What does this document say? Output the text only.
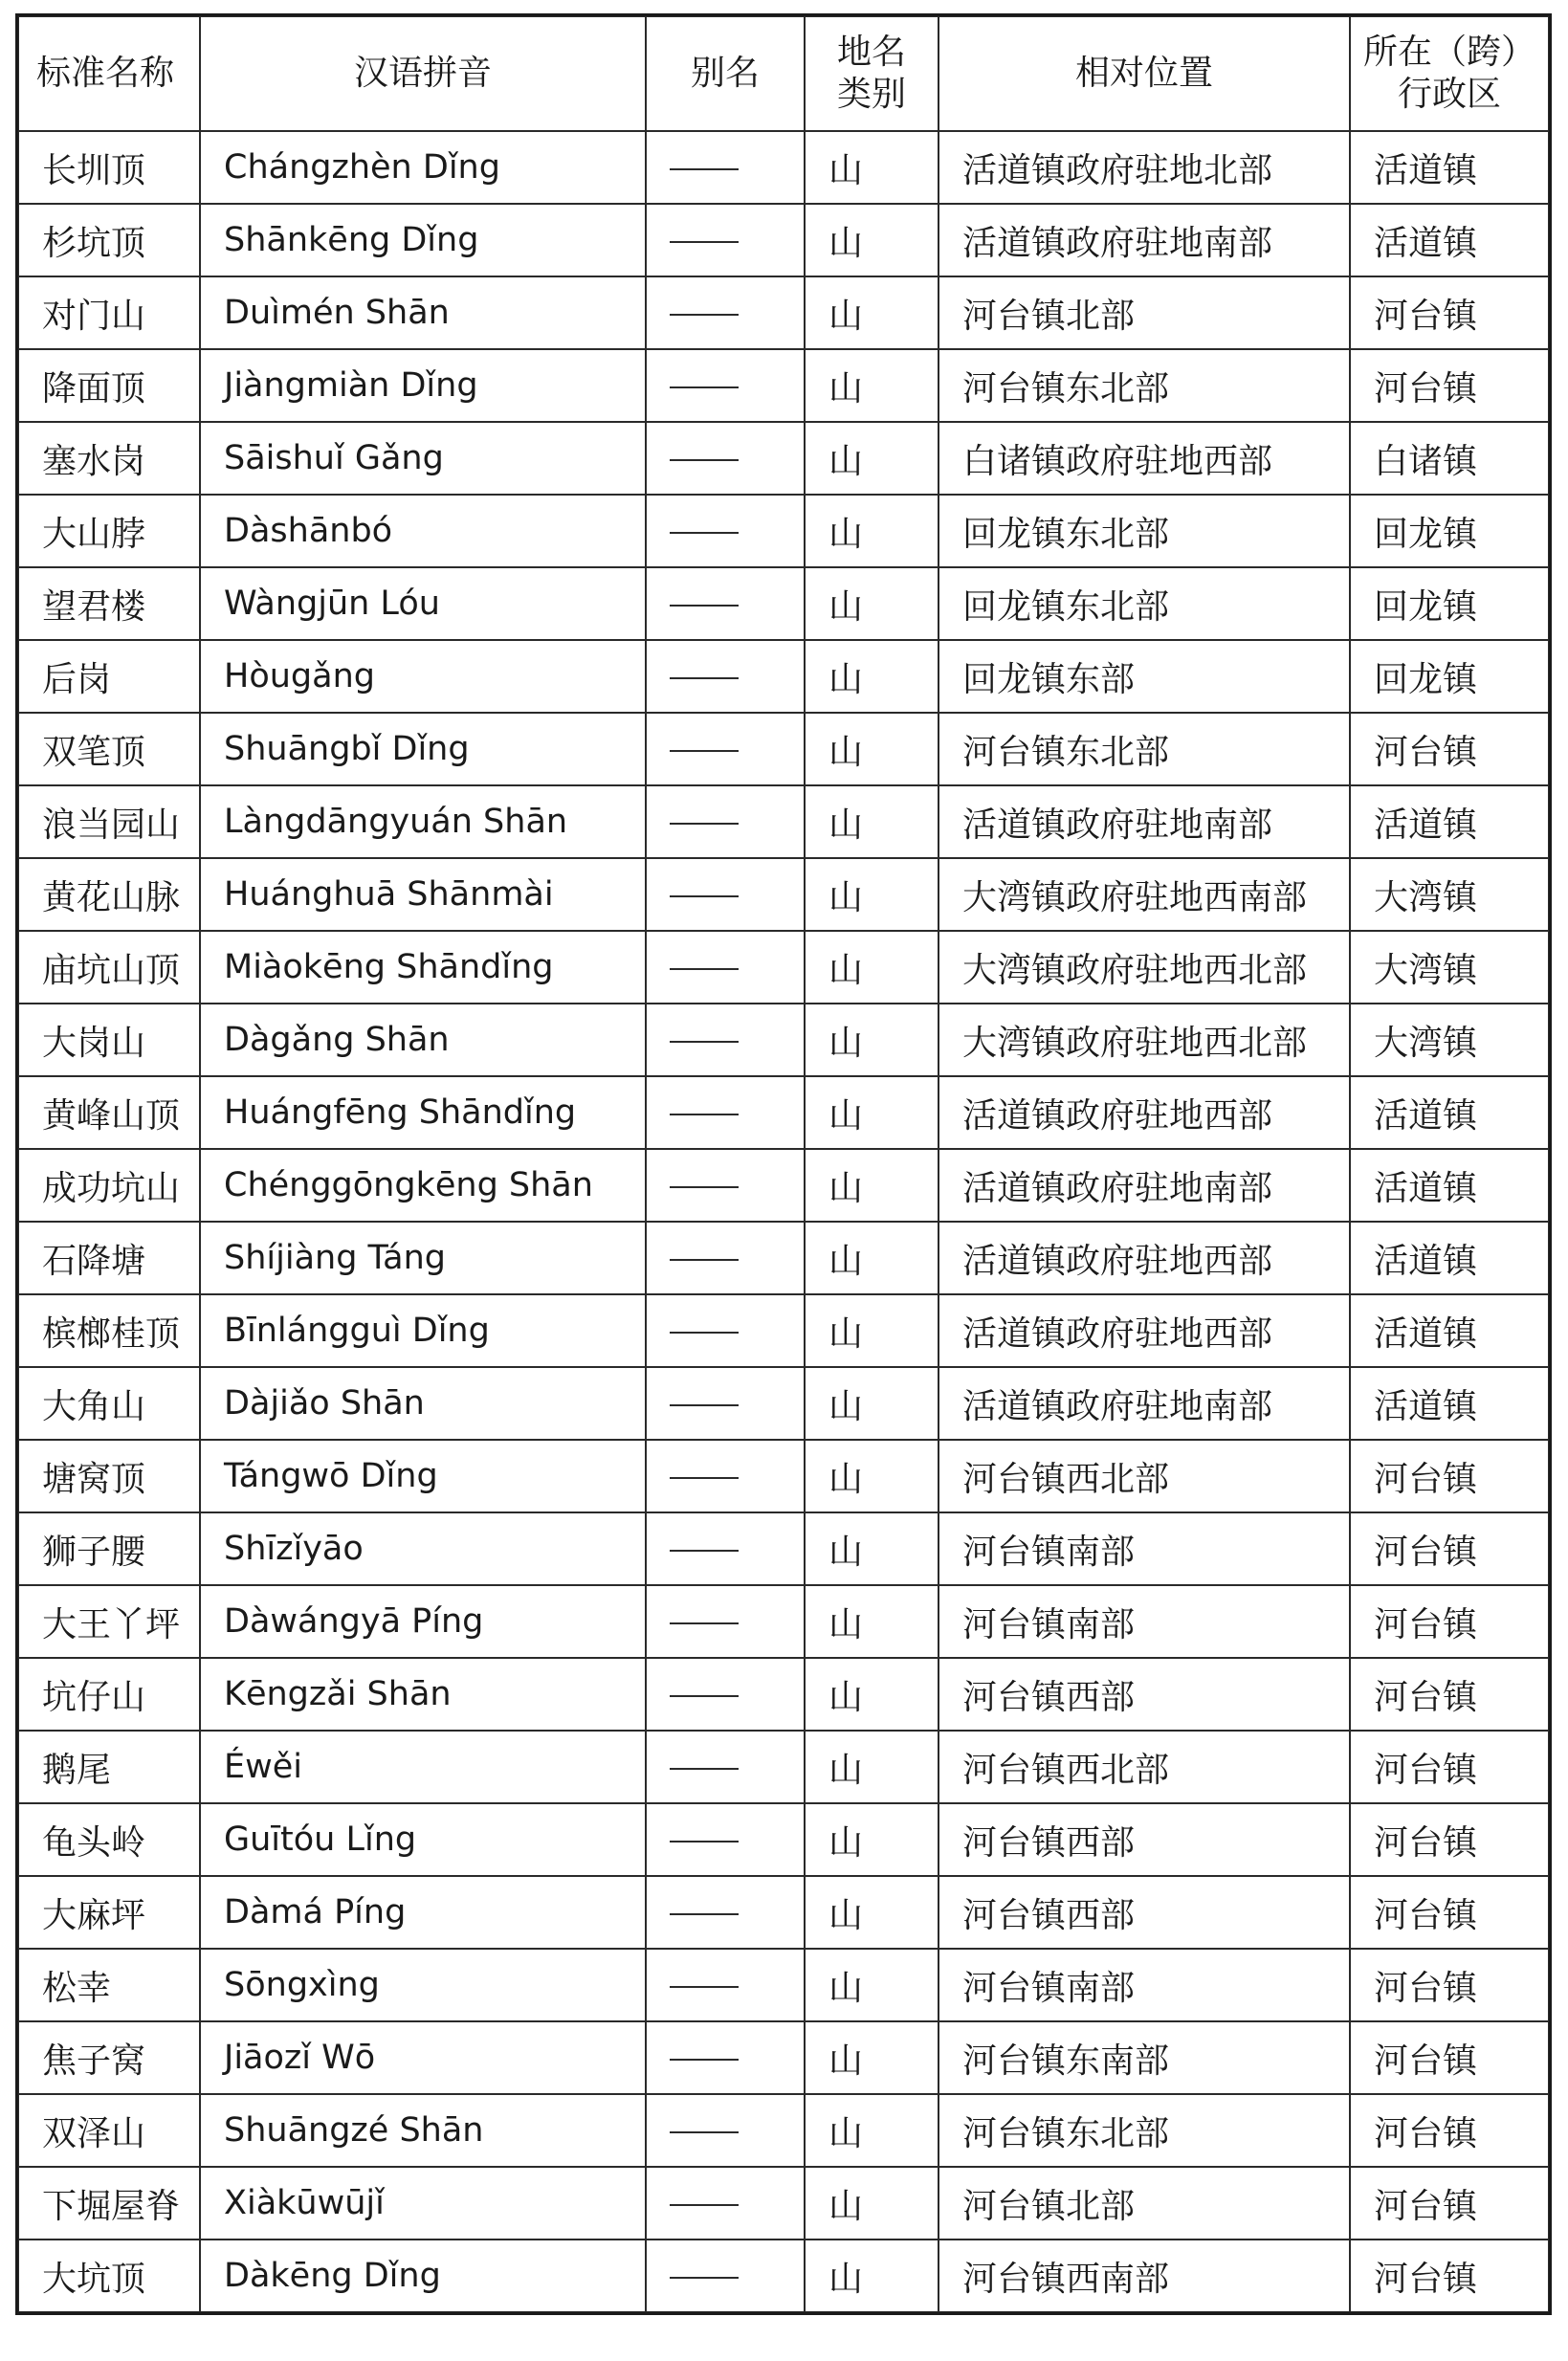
标准名称	汉语拼音	别名	地名类别	相对位置	所在（跨）行政区
长圳顶	Chángzhèn Dǐng		山	活道镇政府驻地北部	活道镇
杉坑顶	Shānkēng Dǐng		山	活道镇政府驻地南部	活道镇
对门山	Duìmén Shān		山	河台镇北部	河台镇
降面顶	Jiàngmiàn Dǐng		山	河台镇东北部	河台镇
塞水岗	Sāishuǐ Gǎng		山	白诸镇政府驻地西部	白诸镇
大山脖	Dàshānbó		山	回龙镇东北部	回龙镇
望君楼	Wàngjūn Lóu		山	回龙镇东北部	回龙镇
后岗	Hòugǎng		山	回龙镇东部	回龙镇
双笔顶	Shuāngbǐ Dǐng		山	河台镇东北部	河台镇
浪当园山	Làngdāngyuán Shān		山	活道镇政府驻地南部	活道镇
黄花山脉	Huánghuā Shānmài		山	大湾镇政府驻地西南部	大湾镇
庙坑山顶	Miàokēng Shāndǐng		山	大湾镇政府驻地西北部	大湾镇
大岗山	Dàgǎng Shān		山	大湾镇政府驻地西北部	大湾镇
黄峰山顶	Huángfēng Shāndǐng		山	活道镇政府驻地西部	活道镇
成功坑山	Chénggōngkēng Shān		山	活道镇政府驻地南部	活道镇
石降塘	Shíjiàng Táng		山	活道镇政府驻地西部	活道镇
槟榔桂顶	Bīnlángguì Dǐng		山	活道镇政府驻地西部	活道镇
大角山	Dàjiǎo Shān		山	活道镇政府驻地南部	活道镇
塘窝顶	Tángwō Dǐng		山	河台镇西北部	河台镇
狮子腰	Shīzǐyāo		山	河台镇南部	河台镇
大王丫坪	Dàwángyā Píng		山	河台镇南部	河台镇
坑仔山	Kēngzǎi Shān		山	河台镇西部	河台镇
鹅尾	Éwěi		山	河台镇西北部	河台镇
龟头岭	Guītóu Lǐng		山	河台镇西部	河台镇
大麻坪	Dàmá Píng		山	河台镇西部	河台镇
松幸	Sōngxìng		山	河台镇南部	河台镇
焦子窝	Jiāozǐ Wō		山	河台镇东南部	河台镇
双泽山	Shuāngzé Shān		山	河台镇东北部	河台镇
下堀屋脊	Xiàkūwūjǐ		山	河台镇北部	河台镇
大坑顶	Dàkēng Dǐng		山	河台镇西南部	河台镇
